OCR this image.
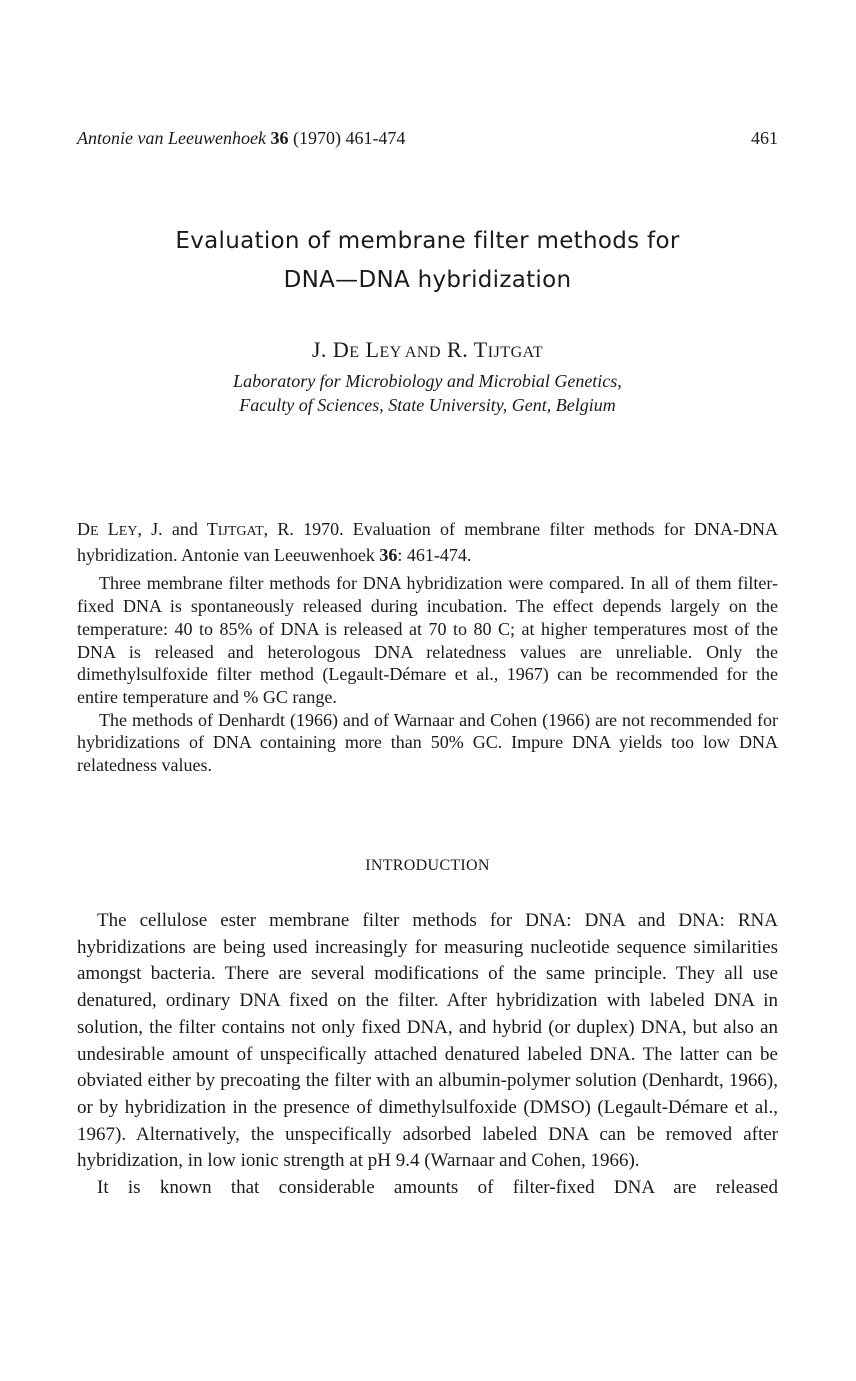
Antonie van Leeuwenhoek 36 (1970) 461-474	461
Evaluation of membrane filter methods for
DNA—DNA hybridization
J. DE LEY AND R. TIJTGAT
Laboratory for Microbiology and Microbial Genetics,
Faculty of Sciences, State University, Gent, Belgium

DE LEY, J. and TIJTGAT, R. 1970. Evaluation of membrane filter methods for DNA-DNA hybridization. Antonie van Leeuwenhoek 36: 461-474.

Three membrane filter methods for DNA hybridization were compared. In all of them filter-fixed DNA is spontaneously released during incubation. The effect depends largely on the temperature: 40 to 85% of DNA is released at 70 to 80 C; at higher temperatures most of the DNA is released and heterologous DNA relatedness values are unreliable. Only the dimethylsulfoxide filter method (Legault-Démare et al., 1967) can be recommended for the entire temperature and % GC range.

The methods of Denhardt (1966) and of Warnaar and Cohen (1966) are not recommended for hybridizations of DNA containing more than 50% GC. Impure DNA yields too low DNA relatedness values.

INTRODUCTION

The cellulose ester membrane filter methods for DNA: DNA and DNA: RNA hybridizations are being used increasingly for measuring nucleotide sequence similarities amongst bacteria. There are several modifications of the same principle. They all use denatured, ordinary DNA fixed on the filter. After hybridization with labeled DNA in solution, the filter contains not only fixed DNA, and hybrid (or duplex) DNA, but also an undesirable amount of unspecifically attached denatured labeled DNA. The latter can be obviated either by precoating the filter with an albumin-polymer solution (Denhardt, 1966), or by hybridization in the presence of dimethylsulfoxide (DMSO) (Legault-Démare et al., 1967). Alternatively, the unspecifically adsorbed labeled DNA can be removed after hybridization, in low ionic strength at pH 9.4 (Warnaar and Cohen, 1966).

It is known that considerable amounts of filter-fixed DNA are released
